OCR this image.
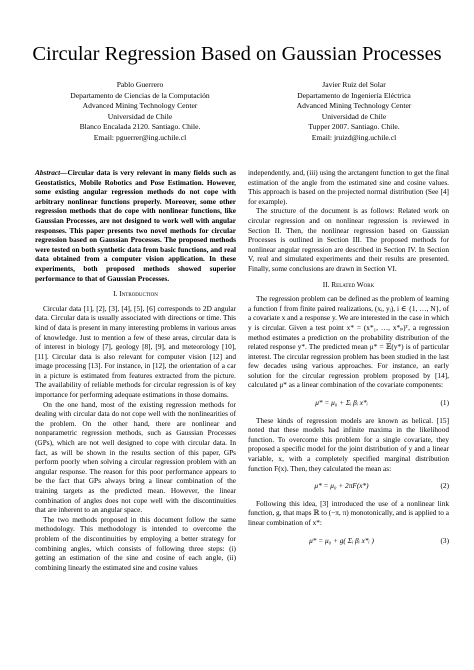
Circular Regression Based on Gaussian Processes
Pablo Guerrero
Departamento de Ciencias de la Computación
Advanced Mining Technology Center
Universidad de Chile
Blanco Encalada 2120. Santiago. Chile.
Email: pguerrer@ing.uchile.cl
Javier Ruiz del Solar
Departamento de Ingeniería Eléctrica
Advanced Mining Technology Center
Universidad de Chile
Tupper 2007. Santiago. Chile.
Email: jruizd@ing.uchile.cl

Abstract—Circular data is very relevant in many fields such as Geostatistics, Mobile Robotics and Pose Estimation. However, some existing angular regression methods do not cope with arbitrary nonlinear functions properly. Moreover, some other regression methods that do cope with nonlinear functions, like Gaussian Processes, are not designed to work well with angular responses. This paper presents two novel methods for circular regression based on Gaussian Processes. The proposed methods were tested on both synthetic data from basic functions, and real data obtained from a computer vision application. In these experiments, both proposed methods showed superior performance to that of Gaussian Processes.

I. Introduction

Circular data [1], [2], [3], [4], [5], [6] corresponds to 2D angular data. Circular data is usually associated with directions or time. This kind of data is present in many interesting problems in various areas of knowledge. Just to mention a few of these areas, circular data is of interest in biology [7], geology [8], [9], and meteorology [10], [11]. Circular data is also relevant for computer vision [12] and image processing [13]. For instance, in [12], the orientation of a car in a picture is estimated from features extracted from the picture. The availability of reliable methods for circular regression is of key importance for performing adequate estimations in those domains.

On the one hand, most of the existing regression methods for dealing with circular data do not cope well with the nonlinearities of the problem. On the other hand, there are nonlinear and nonparametric regression methods, such as Gaussian Processes (GPs), which are not well designed to cope with circular data. In fact, as will be shown in the results section of this paper, GPs perform poorly when solving a circular regression problem with an angular response. The reason for this poor performance appears to be the fact that GPs always bring a linear combination of the training targets as the predicted mean. However, the linear combination of angles does not cope well with the discontinuities that are inherent to an angular space.

The two methods proposed in this document follow the same methodology. This methodology is intended to overcome the problem of the discontinuities by employing a better strategy for combining angles, which consists of following three steps: (i) getting an estimation of the sine and cosine of each angle, (ii) combining linearly the estimated sine and cosine values

independently, and, (iii) using the arctangent function to get the final estimation of the angle from the estimated sine and cosine values. This approach is based on the projected normal distribution (See [4] for example).

The structure of the document is as follows: Related work on circular regression and on nonlinear regression is reviewed in Section II. Then, the nonlinear regression based on Gaussian Processes is outlined in Section III. The proposed methods for nonlinear angular regression are described in Section IV. In Section V, real and simulated experiments and their results are presented. Finally, some conclusions are drawn in Section VI.

II. Related Work

The regression problem can be defined as the problem of learning a function f from finite paired realizations, (xᵢ, yᵢ), i ∈ {1, …, N}, of a covariate x and a response y. We are interested in the case in which y is circular. Given a test point x* = (x*₁, …, x*ₚ)ᵀ, a regression method estimates a prediction on the probability distribution of the related response y*. The predicted mean μ* = 𝔼(y*) is of particular interest. The circular regression problem has been studied in the last few decades using various approaches. For instance, an early solution for the circular regression problem proposed by [14], calculated μ* as a linear combination of the covariate components:

μ* = μ₀ + Σᵢ βᵢ x*ᵢ	(1)

These kinds of regression models are known as helical. [15] noted that these models had infinite maxima in the likelihood function. To overcome this problem for a single covariate, they proposed a specific model for the joint distribution of y and a linear variable, x, with a completely specified marginal distribution function F(x). Then, they calculated the mean as:

μ* = μ₀ + 2πF(x*)	(2)

Following this idea, [3] introduced the use of a nonlinear link function, g, that maps ℝ to (−π, π) monotonically, and is applied to a linear combination of x*:

μ* = μ₀ + g( Σᵢ βᵢ x*ᵢ )	(3)
